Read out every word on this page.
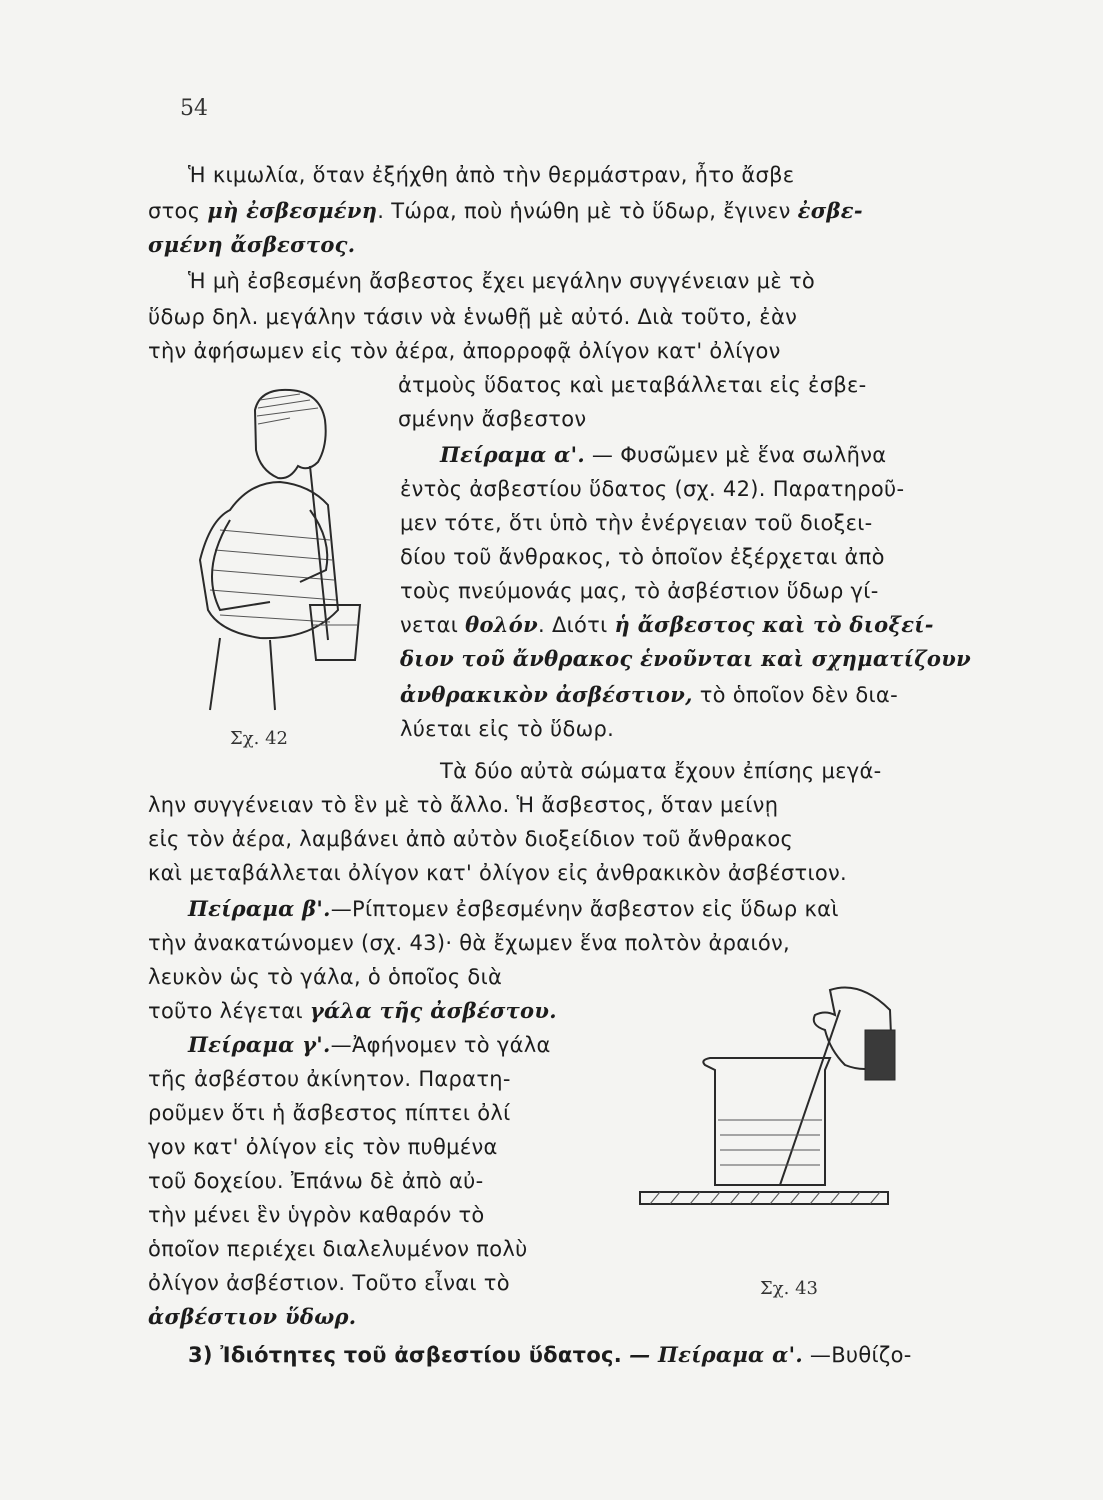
54
Ἡ κιμωλία, ὅταν ἐξήχθη ἀπὸ τὴν θερμάστραν, ἦτο ἄσβε
στος μὴ ἐσβεσμένη. Τώρα, ποὺ ἡνώθη μὲ τὸ ὕδωρ, ἔγινεν ἐσβε-
σμένη ἄσβεστος.
Ἡ μὴ ἐσβεσμένη ἄσβεστος ἔχει μεγάλην συγγένειαν μὲ τὸ
ὕδωρ δηλ. μεγάλην τάσιν νὰ ἑνωθῇ μὲ αὐτό. Διὰ τοῦτο, ἐὰν
τὴν ἀφήσωμεν εἰς τὸν ἀέρα, ἀπορροφᾷ ὀλίγον κατ' ὀλίγον
ἀτμοὺς ὕδατος καὶ μεταβάλλεται εἰς ἐσβε-
σμένην ἄσβεστον
Πείραμα α'. — Φυσῶμεν μὲ ἕνα σωλῆνα
ἐντὸς ἀσβεστίου ὕδατος (σχ. 42). Παρατηροῦ-
μεν τότε, ὅτι ὑπὸ τὴν ἐνέργειαν τοῦ διοξει-
δίου τοῦ ἄνθρακος, τὸ ὁποῖον ἐξέρχεται ἀπὸ
τοὺς πνεύμονάς μας, τὸ ἀσβέστιον ὕδωρ γί-
νεται θολόν. Διότι ἡ ἄσβεστος καὶ τὸ διοξεί-
διον τοῦ ἄνθρακος ἑνοῦνται καὶ σχηματίζουν
ἀνθρακικὸν ἀσβέστιον, τὸ ὁποῖον δὲν δια-
λύεται εἰς τὸ ὕδωρ.
Σχ. 42
Τὰ δύο αὐτὰ σώματα ἔχουν ἐπίσης μεγά-
λην συγγένειαν τὸ ἓν μὲ τὸ ἄλλο. Ἡ ἄσβεστος, ὅταν μείνῃ
εἰς τὸν ἀέρα, λαμβάνει ἀπὸ αὐτὸν διοξείδιον τοῦ ἄνθρακος
καὶ μεταβάλλεται ὀλίγον κατ' ὀλίγον εἰς ἀνθρακικὸν ἀσβέστιον.
Πείραμα β'.—Ρίπτομεν ἐσβεσμένην ἄσβεστον εἰς ὕδωρ καὶ
τὴν ἀνακατώνομεν (σχ. 43)· θὰ ἔχωμεν ἕνα πολτὸν ἀραιόν,
λευκὸν ὡς τὸ γάλα, ὁ ὁποῖος διὰ
τοῦτο λέγεται γάλα τῆς ἀσβέστου.
Πείραμα γ'.—Ἀφήνομεν τὸ γάλα
τῆς ἀσβέστου ἀκίνητον. Παρατη-
ροῦμεν ὅτι ἡ ἄσβεστος πίπτει ὀλί
γον κατ' ὀλίγον εἰς τὸν πυθμένα
τοῦ δοχείου. Ἐπάνω δὲ ἀπὸ αὐ-
τὴν μένει ἓν ὑγρὸν καθαρόν τὸ
ὁποῖον περιέχει διαλελυμένον πολὺ
ὀλίγον ἀσβέστιον. Τοῦτο εἶναι τὸ
ἀσβέστιον ὕδωρ.
Σχ. 43
3) Ἰδιότητες τοῦ ἀσβεστίου ὕδατος. — Πείραμα α'. —Βυθίζο-
